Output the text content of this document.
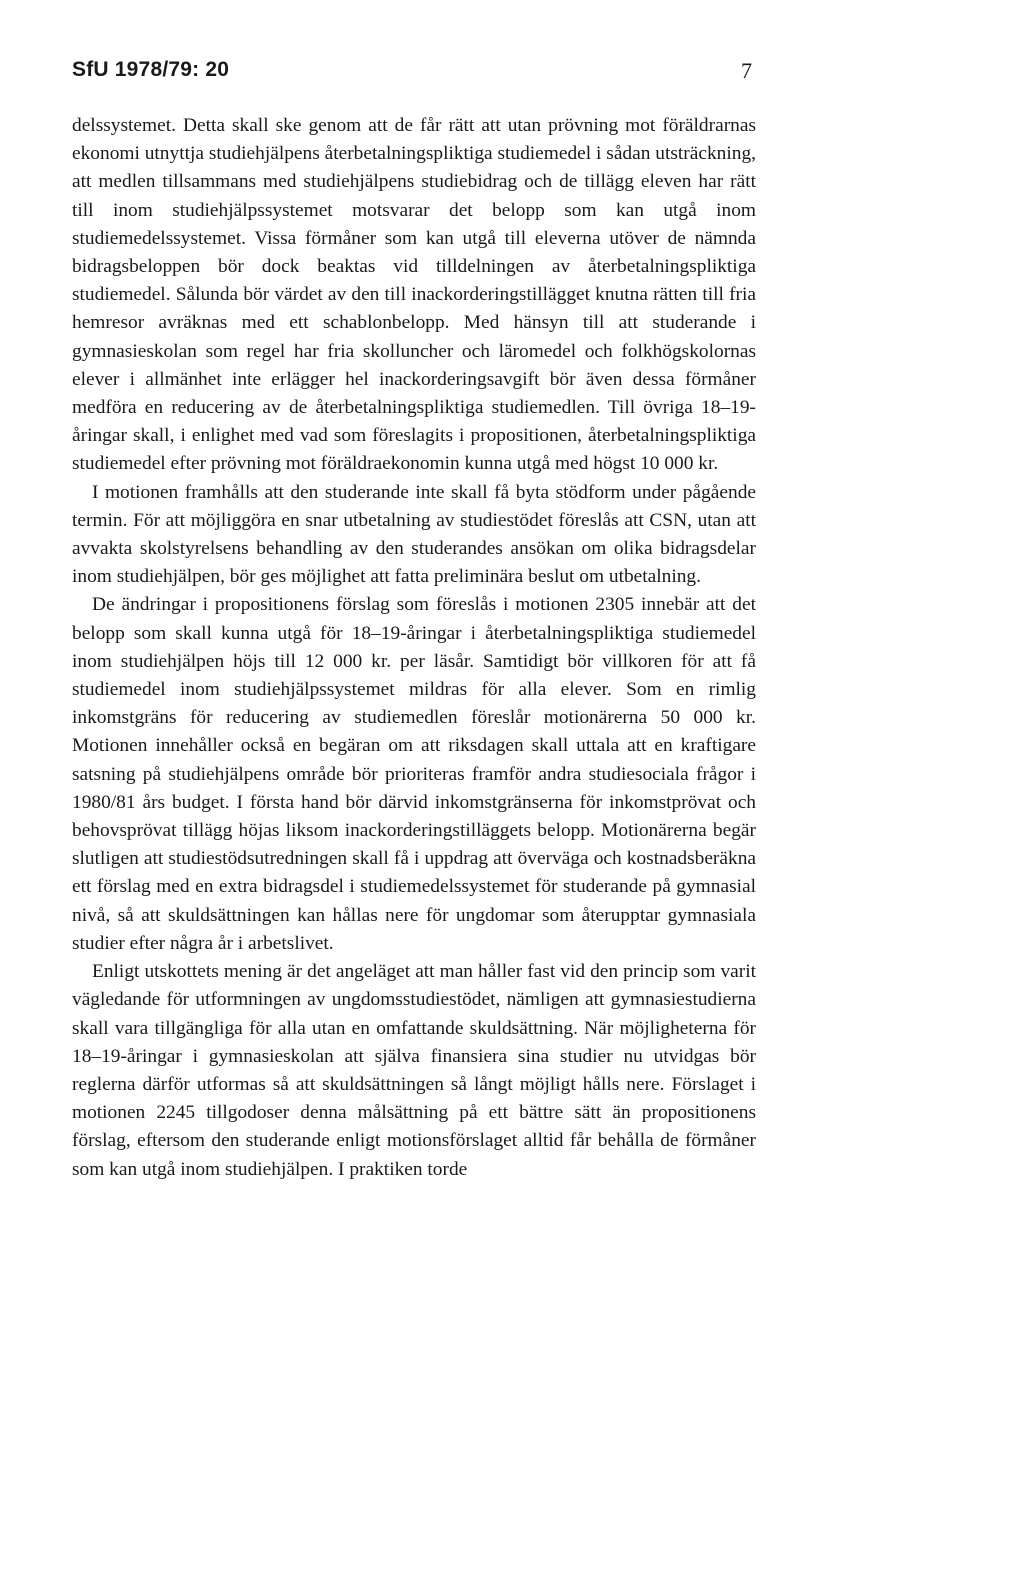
SfU 1978/79: 20	7

delssystemet. Detta skall ske genom att de får rätt att utan prövning mot föräldrarnas ekonomi utnyttja studiehjälpens återbetalningspliktiga studiemedel i sådan utsträckning, att medlen tillsammans med studiehjälpens studiebidrag och de tillägg eleven har rätt till inom studiehjälpssystemet motsvarar det belopp som kan utgå inom studiemedelssystemet. Vissa förmåner som kan utgå till eleverna utöver de nämnda bidragsbeloppen bör dock beaktas vid tilldelningen av återbetalningspliktiga studiemedel. Sålunda bör värdet av den till inackorderingstillägget knutna rätten till fria hemresor avräknas med ett schablonbelopp. Med hänsyn till att studerande i gymnasieskolan som regel har fria skolluncher och läromedel och folkhögskolornas elever i allmänhet inte erlägger hel inackorderingsavgift bör även dessa förmåner medföra en reducering av de återbetalningspliktiga studiemedlen. Till övriga 18–19-åringar skall, i enlighet med vad som föreslagits i propositionen, återbetalningspliktiga studiemedel efter prövning mot föräldraekonomin kunna utgå med högst 10 000 kr.

I motionen framhålls att den studerande inte skall få byta stödform under pågående termin. För att möjliggöra en snar utbetalning av studiestödet föreslås att CSN, utan att avvakta skolstyrelsens behandling av den studerandes ansökan om olika bidragsdelar inom studiehjälpen, bör ges möjlighet att fatta preliminära beslut om utbetalning.

De ändringar i propositionens förslag som föreslås i motionen 2305 innebär att det belopp som skall kunna utgå för 18–19-åringar i återbetalningspliktiga studiemedel inom studiehjälpen höjs till 12 000 kr. per läsår. Samtidigt bör villkoren för att få studiemedel inom studiehjälpssystemet mildras för alla elever. Som en rimlig inkomstgräns för reducering av studiemedlen föreslår motionärerna 50 000 kr. Motionen innehåller också en begäran om att riksdagen skall uttala att en kraftigare satsning på studiehjälpens område bör prioriteras framför andra studiesociala frågor i 1980/81 års budget. I första hand bör därvid inkomstgränserna för inkomstprövat och behovsprövat tillägg höjas liksom inackorderingstilläggets belopp. Motionärerna begär slutligen att studiestödsutredningen skall få i uppdrag att överväga och kostnadsberäkna ett förslag med en extra bidragsdel i studiemedelssystemet för studerande på gymnasial nivå, så att skuldsättningen kan hållas nere för ungdomar som återupptar gymnasiala studier efter några år i arbetslivet.

Enligt utskottets mening är det angeläget att man håller fast vid den princip som varit vägledande för utformningen av ungdomsstudiestödet, nämligen att gymnasiestudierna skall vara tillgängliga för alla utan en omfattande skuldsättning. När möjligheterna för 18–19-åringar i gymnasieskolan att själva finansiera sina studier nu utvidgas bör reglerna därför utformas så att skuldsättningen så långt möjligt hålls nere. Förslaget i motionen 2245 tillgodoser denna målsättning på ett bättre sätt än propositionens förslag, eftersom den studerande enligt motionsförslaget alltid får behålla de förmåner som kan utgå inom studiehjälpen. I praktiken torde
